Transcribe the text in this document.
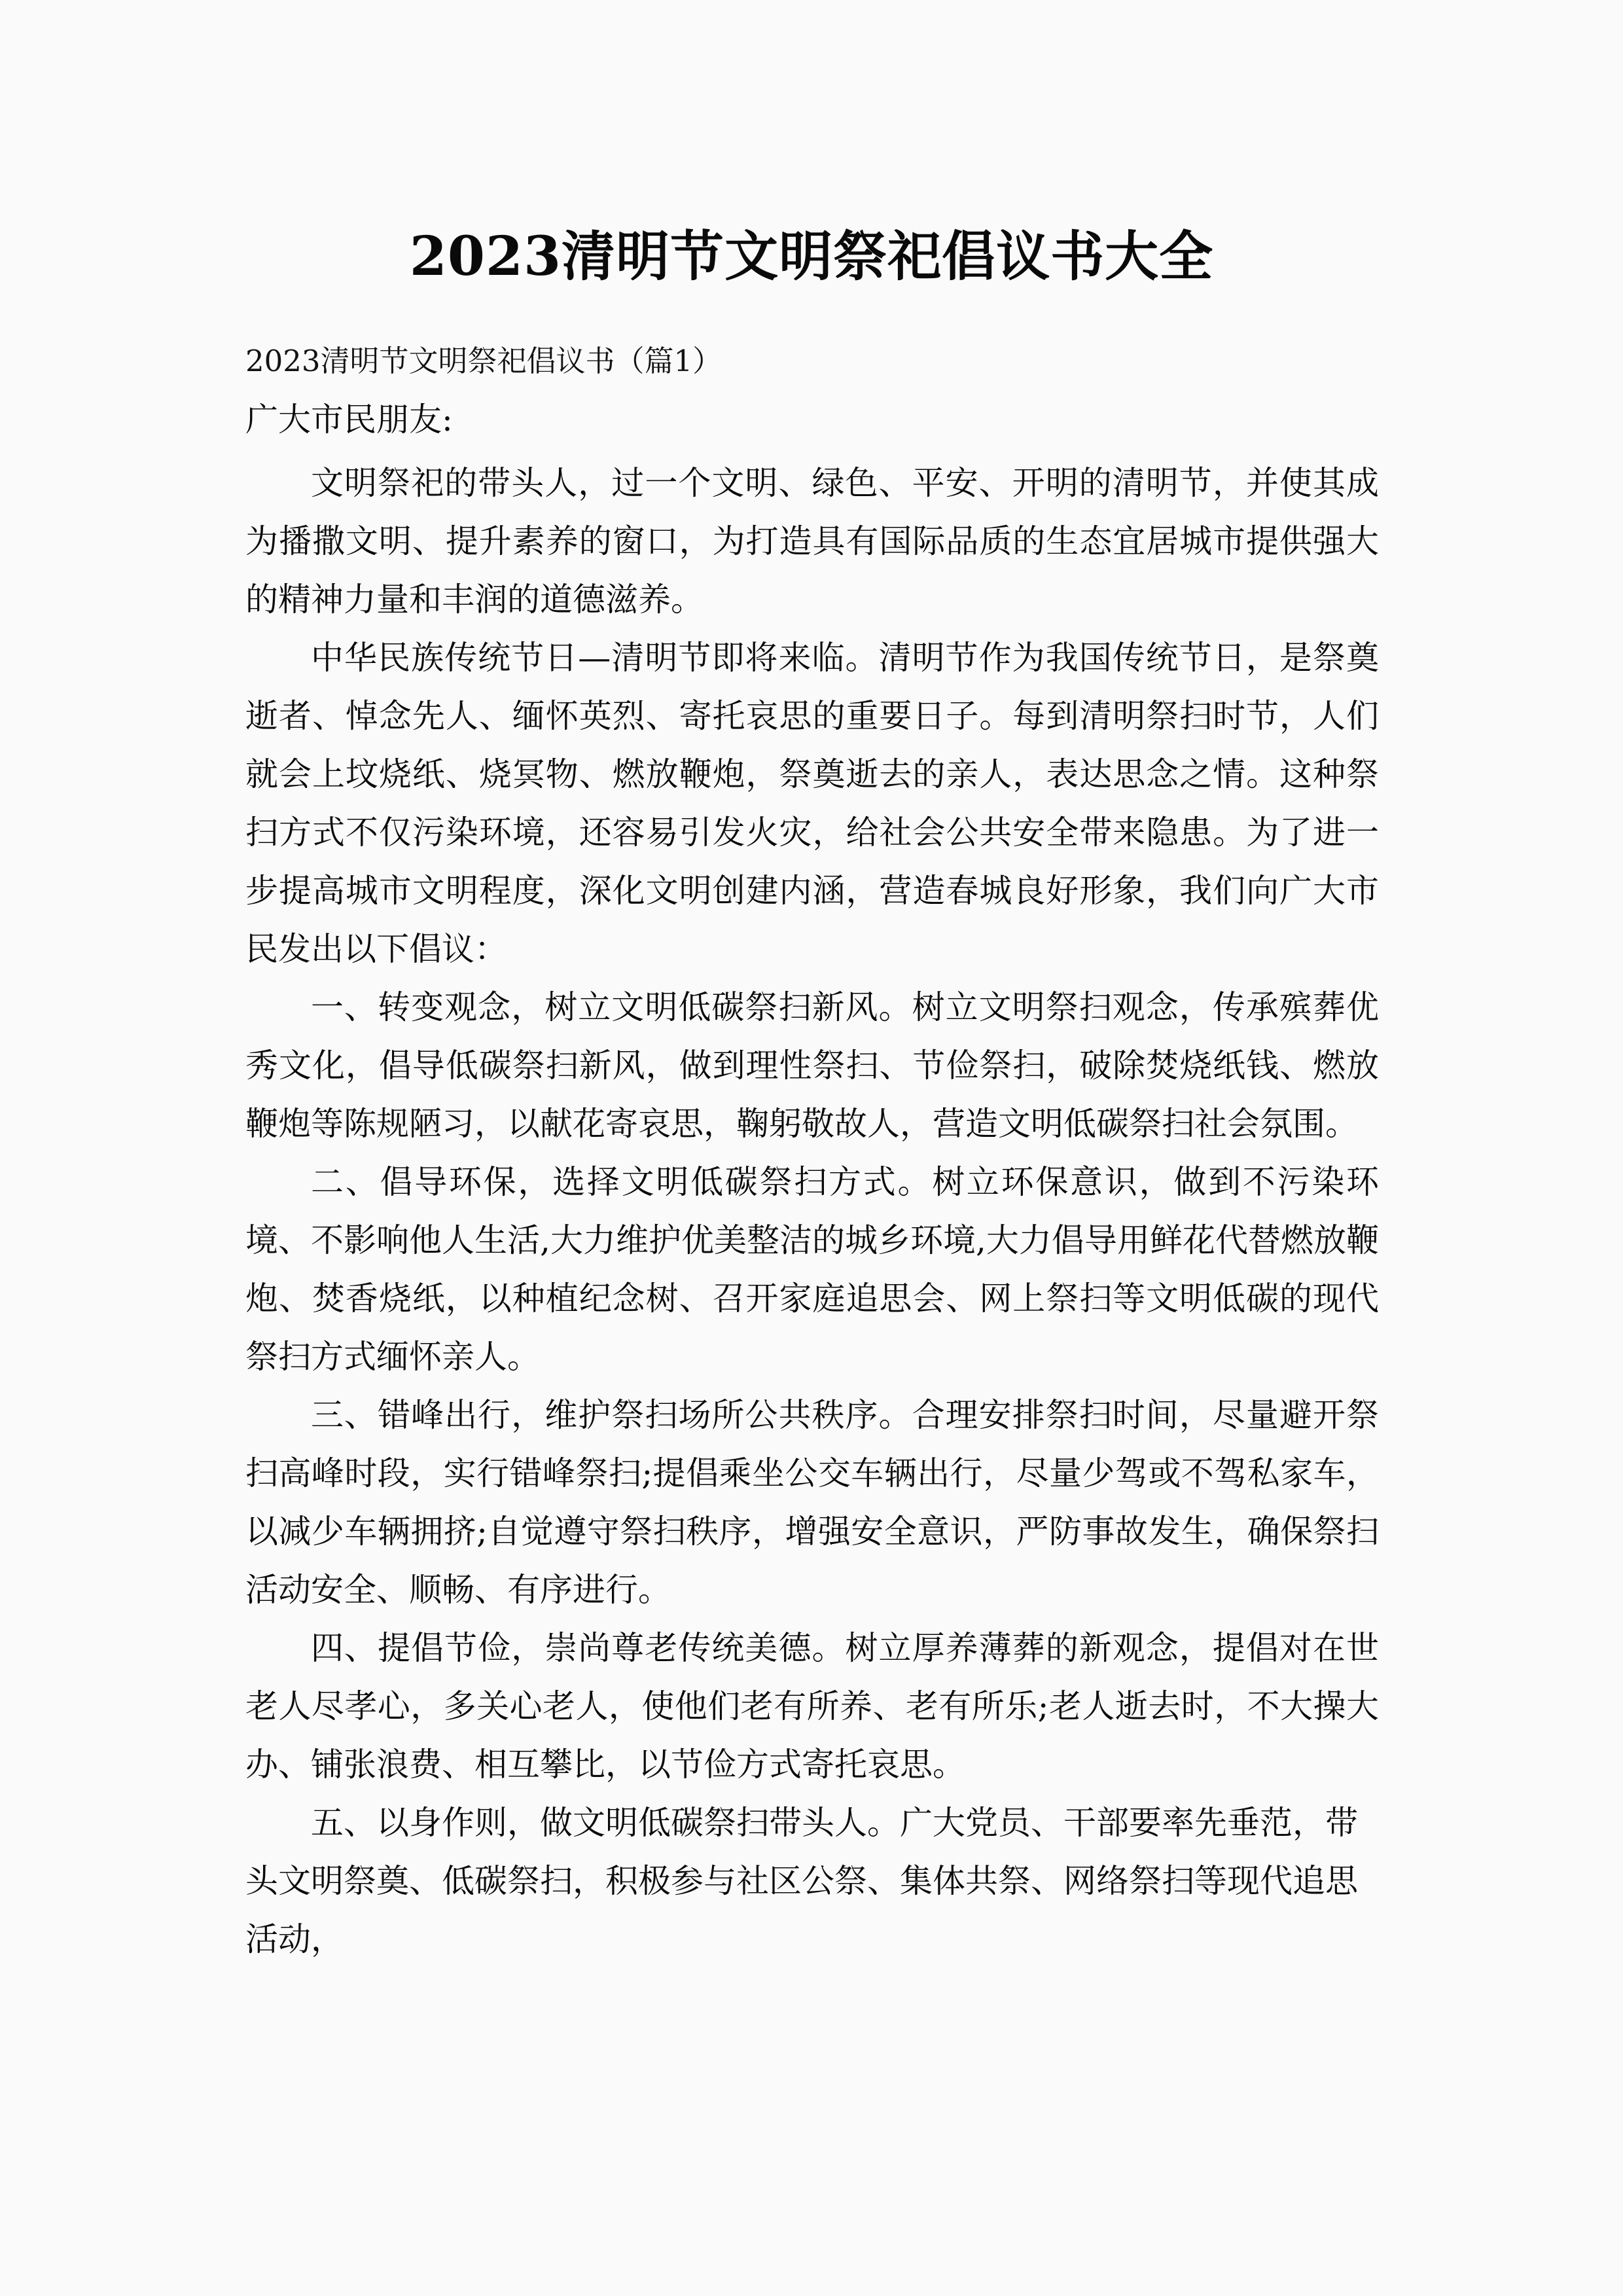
2023清明节文明祭祀倡议书大全
2023清明节文明祭祀倡议书（篇1）
广大市民朋友:

文明祭祀的带头人，过一个文明、绿色、平安、开明的清明节，并使其成为播撒文明、提升素养的窗口，为打造具有国际品质的生态宜居城市提供强大的精神力量和丰润的道德滋养。

中华民族传统节日—清明节即将来临。清明节作为我国传统节日，是祭奠逝者、悼念先人、缅怀英烈、寄托哀思的重要日子。每到清明祭扫时节，人们就会上坟烧纸、烧冥物、燃放鞭炮，祭奠逝去的亲人，表达思念之情。这种祭扫方式不仅污染环境，还容易引发火灾，给社会公共安全带来隐患。为了进一步提高城市文明程度，深化文明创建内涵，营造春城良好形象，我们向广大市民发出以下倡议：

一、转变观念，树立文明低碳祭扫新风。树立文明祭扫观念，传承殡葬优秀文化，倡导低碳祭扫新风，做到理性祭扫、节俭祭扫，破除焚烧纸钱、燃放鞭炮等陈规陋习，以献花寄哀思，鞠躬敬故人，营造文明低碳祭扫社会氛围。

二、倡导环保，选择文明低碳祭扫方式。树立环保意识，做到不污染环境、不影响他人生活,大力维护优美整洁的城乡环境,大力倡导用鲜花代替燃放鞭炮、焚香烧纸，以种植纪念树、召开家庭追思会、网上祭扫等文明低碳的现代祭扫方式缅怀亲人。

三、错峰出行，维护祭扫场所公共秩序。合理安排祭扫时间，尽量避开祭扫高峰时段，实行错峰祭扫;提倡乘坐公交车辆出行，尽量少驾或不驾私家车，以减少车辆拥挤;自觉遵守祭扫秩序，增强安全意识，严防事故发生，确保祭扫活动安全、顺畅、有序进行。

四、提倡节俭，崇尚尊老传统美德。树立厚养薄葬的新观念，提倡对在世老人尽孝心，多关心老人，使他们老有所养、老有所乐;老人逝去时，不大操大办、铺张浪费、相互攀比，以节俭方式寄托哀思。

五、以身作则，做文明低碳祭扫带头人。广大党员、干部要率先垂范，带头文明祭奠、低碳祭扫，积极参与社区公祭、集体共祭、网络祭扫等现代追思活动，
